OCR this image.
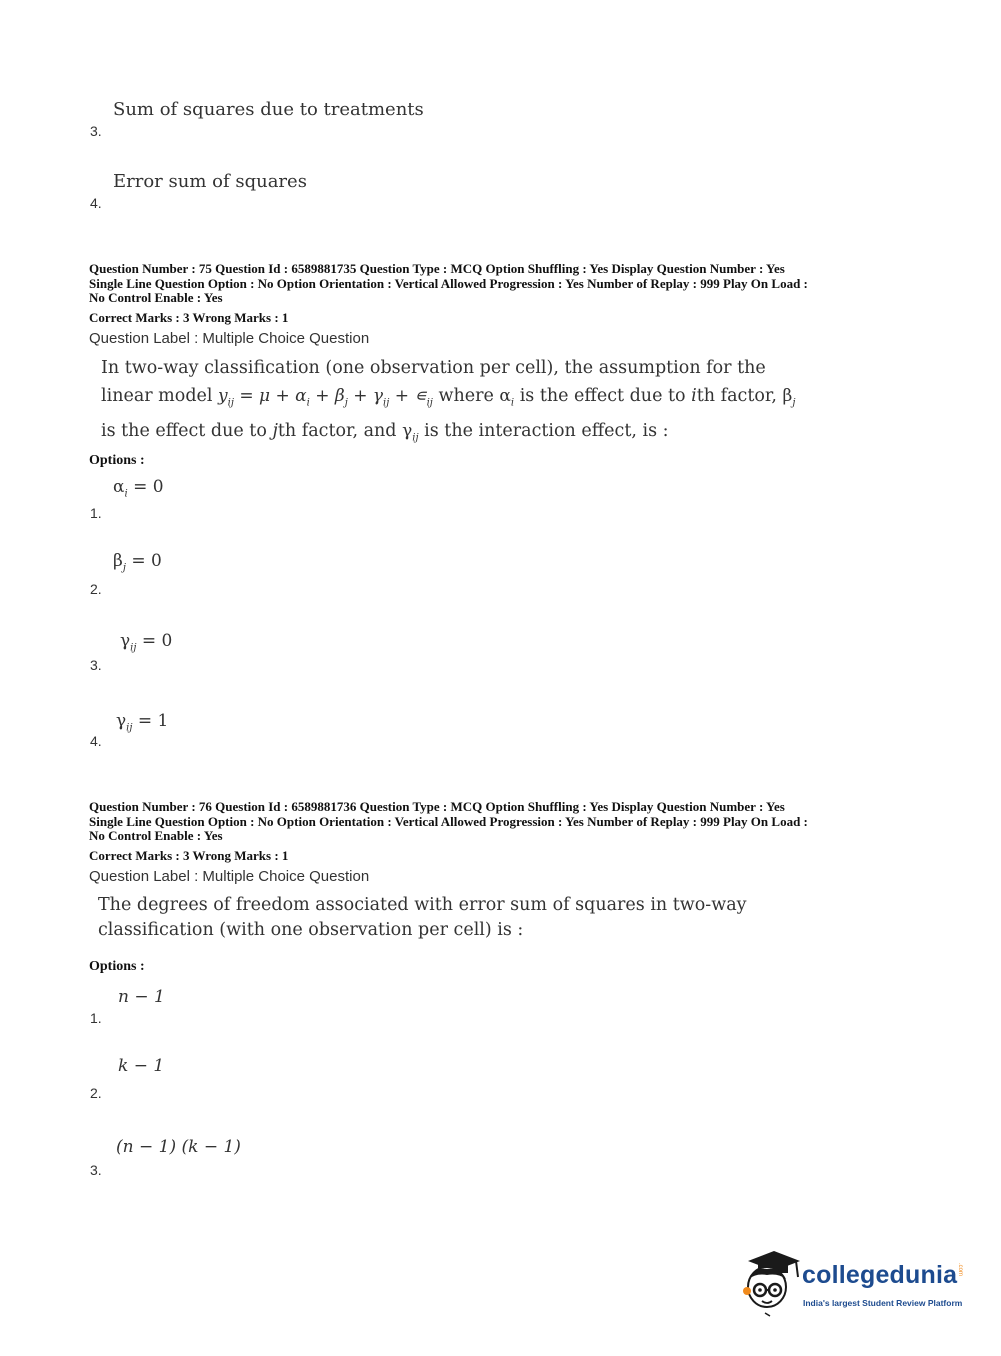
Sum of squares due to treatments
3.
Error sum of squares
4.
Question Number : 75 Question Id : 6589881735 Question Type : MCQ Option Shuffling : Yes Display Question Number : Yes
Single Line Question Option : No Option Orientation : Vertical Allowed Progression : Yes Number of Replay : 999 Play On Load :
No Control Enable : Yes
Correct Marks : 3 Wrong Marks : 1
Question Label : Multiple Choice Question
In two-way classification (one observation per cell), the assumption for the
linear model $y_{ij} = \mu + \alpha_i + \beta_j + \gamma_{ij}$ + $∊_{ij}$ where $\alpha_i$ is the effect due to ith factor, $\beta_j$
is the effect due to jth factor, and $\gamma_{ij}$ is the interaction effect, is :
Options :
$\alpha_i = 0$
1.
$\beta_j = 0$
2.
$\gamma_{ij} = 0$
3.
$\gamma_{ij} = 1$
4.
Question Number : 76 Question Id : 6589881736 Question Type : MCQ Option Shuffling : Yes Display Question Number : Yes
Single Line Question Option : No Option Orientation : Vertical Allowed Progression : Yes Number of Replay : 999 Play On Load :
No Control Enable : Yes
Correct Marks : 3 Wrong Marks : 1
Question Label : Multiple Choice Question
The degrees of freedom associated with error sum of squares in two-way
classification (with one observation per cell) is :
Options :
n − 1
1.
k − 1
2.
(n − 1) (k − 1)
3.
collegedunia .com
India's largest Student Review Platform
